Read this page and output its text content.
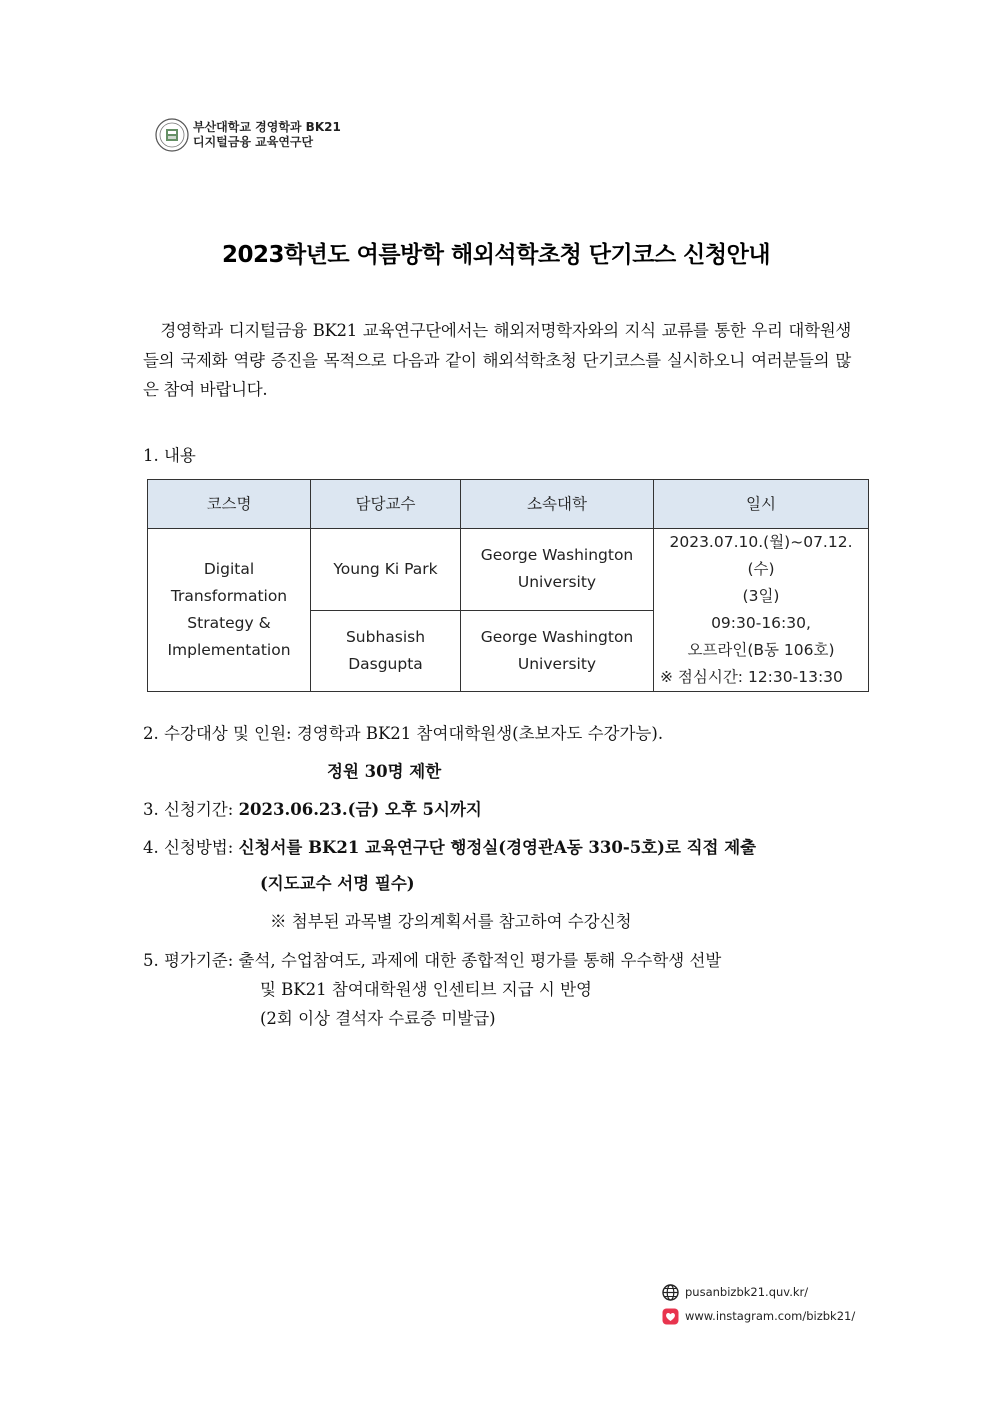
부산대학교 경영학과 BK21
디지털금융 교육연구단
2023학년도 여름방학 해외석학초청 단기코스 신청안내
경영학과 디지털금융 BK21 교육연구단에서는 해외저명학자와의 지식 교류를 통한 우리 대학원생들의 국제화 역량 증진을 목적으로 다음과 같이 해외석학초청 단기코스를 실시하오니 여러분들의 많은 참여 바랍니다.
1. 내용
코스명	담당교수	소속대학	일시
Digital Transformation Strategy & Implementation	Young Ki Park	George Washington University	2023.07.10.(월)~07.12.(수)
(3일)
09:30-16:30,
오프라인(B동 106호)
※ 점심시간: 12:30-13:30

	Subhasish Dasgupta	George Washington University	
2. 수강대상 및 인원: 경영학과 BK21 참여대학원생(초보자도 수강가능).
정원 30명 제한
3. 신청기간: 2023.06.23.(금) 오후 5시까지
4. 신청방법: 신청서를 BK21 교육연구단 행정실(경영관A동 330-5호)로 직접 제출
(지도교수 서명 필수)
※ 첨부된 과목별 강의계획서를 참고하여 수강신청
5. 평가기준: 출석, 수업참여도, 과제에 대한 종합적인 평가를 통해 우수학생 선발
및 BK21 참여대학원생 인센티브 지급 시 반영
(2회 이상 결석자 수료증 미발급)
pusanbizbk21.quv.kr/
www.instagram.com/bizbk21/
